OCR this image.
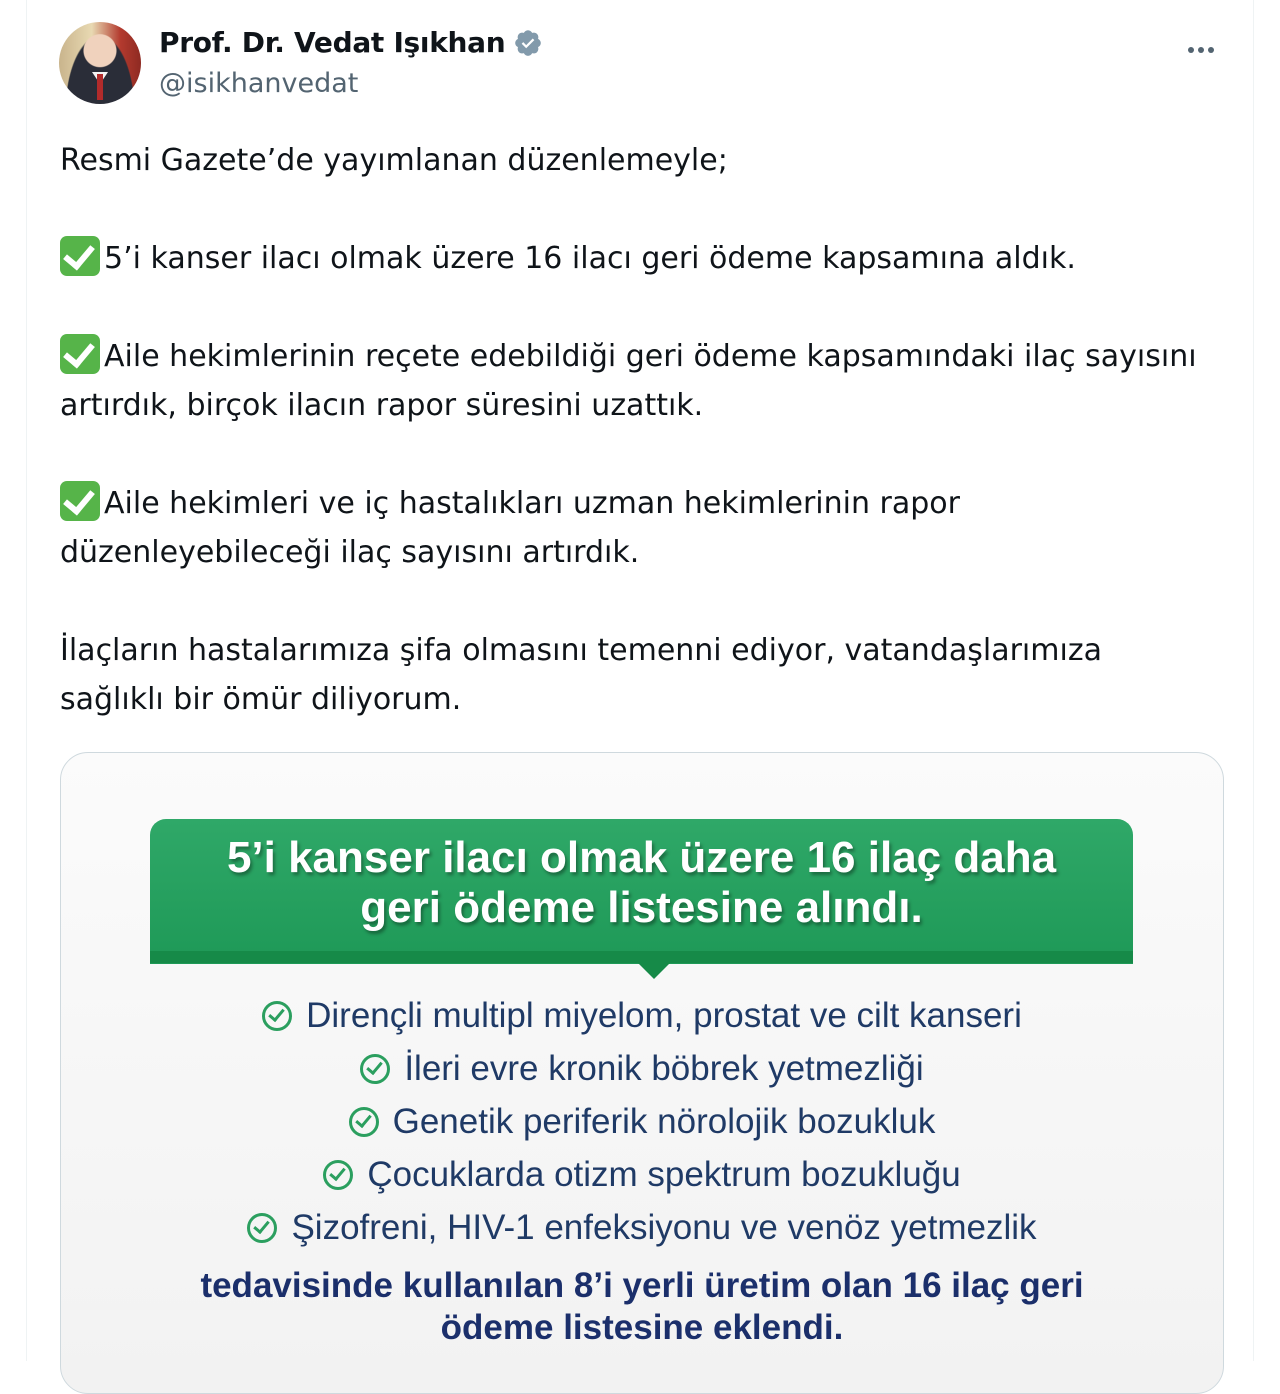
Prof. Dr. Vedat Işıkhan
@isikhanvedat

Resmi Gazete’de yayımlanan düzenlemeyle;

5’i kanser ilacı olmak üzere 16 ilacı geri ödeme kapsamına aldık.

Aile hekimlerinin reçete edebildiği geri ödeme kapsamındaki ilaç sayısını artırdık, birçok ilacın rapor süresini uzattık.

Aile hekimleri ve iç hastalıkları uzman hekimlerinin rapor düzenleyebileceği ilaç sayısını artırdık.

İlaçların hastalarımıza şifa olmasını temenni ediyor, vatandaşlarımıza sağlıklı bir ömür diliyorum.

5’i kanser ilacı olmak üzere 16 ilaç daha
geri ödeme listesine alındı.
Dirençli multipl miyelom, prostat ve cilt kanseri
İleri evre kronik böbrek yetmezliği
Genetik periferik nörolojik bozukluk
Çocuklarda otizm spektrum bozukluğu
Şizofreni, HIV-1 enfeksiyonu ve venöz yetmezlik
tedavisinde kullanılan 8’i yerli üretim olan 16 ilaç geri
ödeme listesine eklendi.
